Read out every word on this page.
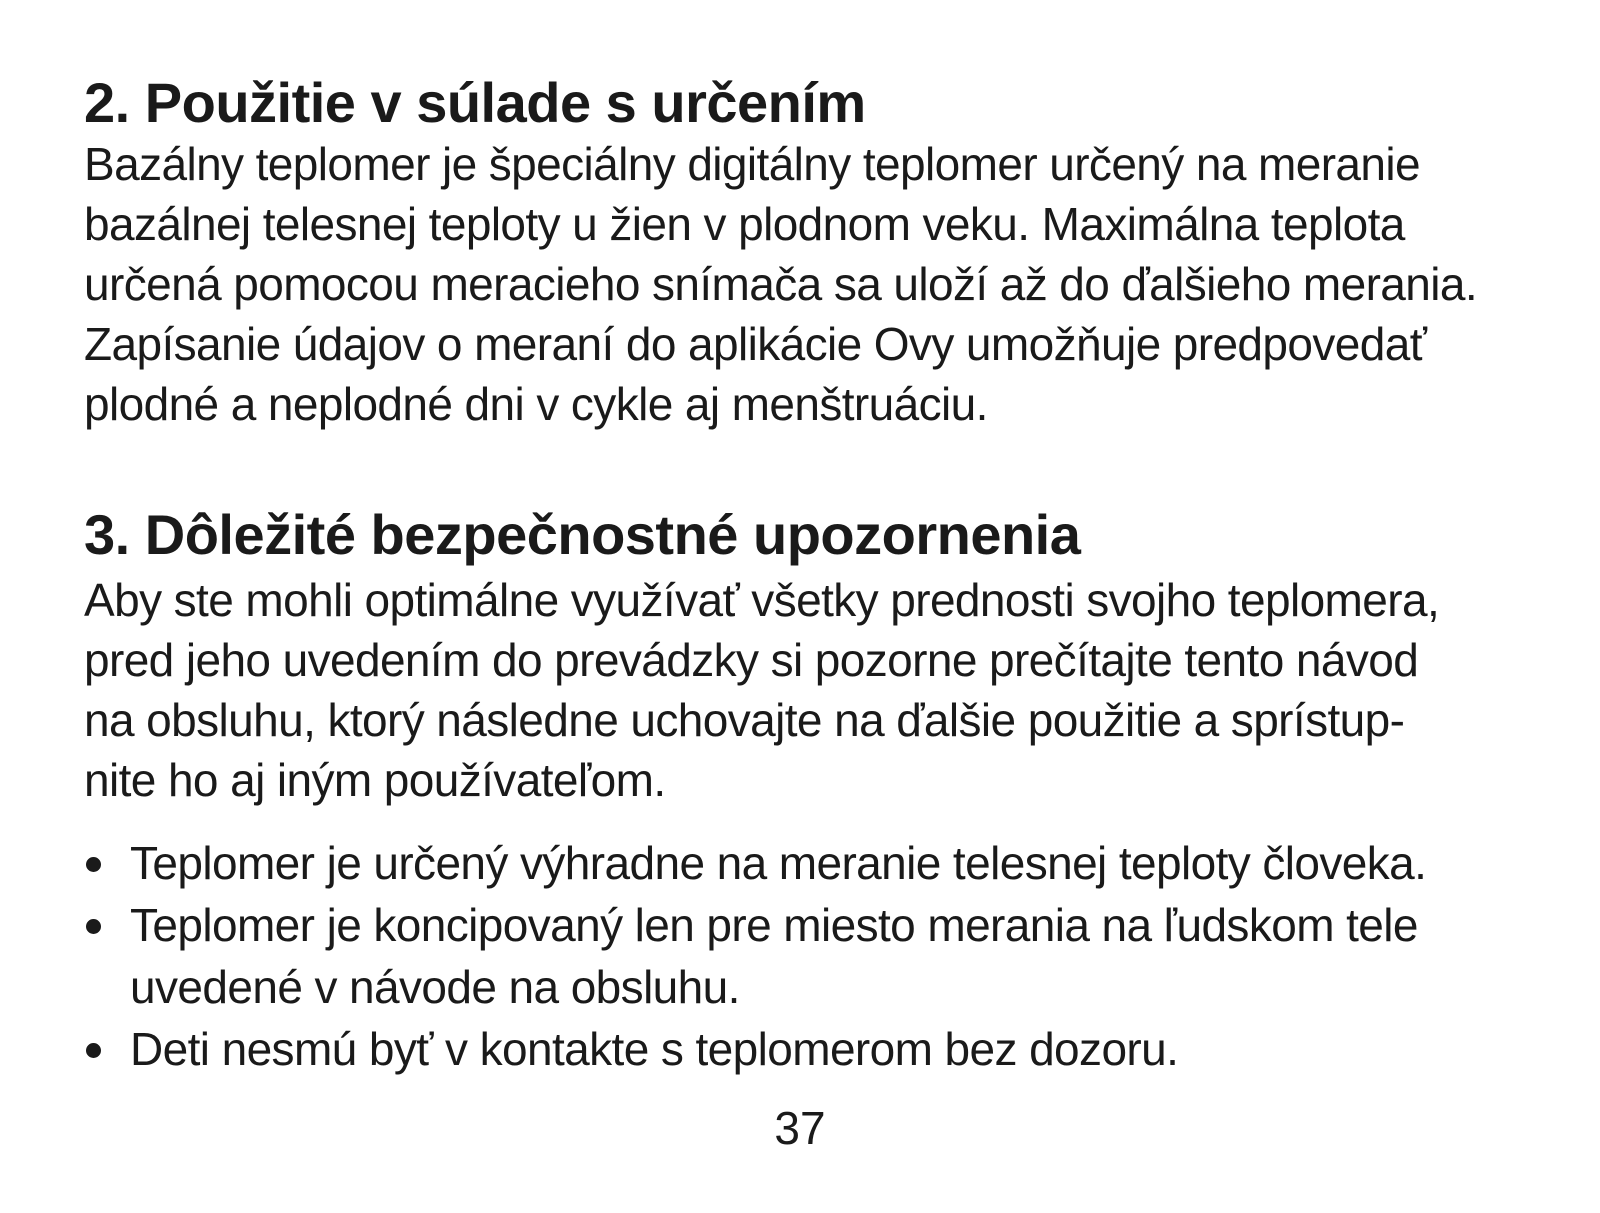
2. Použitie v súlade s určením
Bazálny teplomer je špeciálny digitálny teplomer určený na meranie
bazálnej telesnej teploty u žien v plodnom veku. Maximálna teplota
určená pomocou meracieho snímača sa uloží až do ďalšieho merania.
Zapísanie údajov o meraní do aplikácie Ovy umožňuje predpovedať
plodné a neplodné dni v cykle aj menštruáciu.
3. Dôležité bezpečnostné upozornenia
Aby ste mohli optimálne využívať všetky prednosti svojho teplomera,
pred jeho uvedením do prevádzky si pozorne prečítajte tento návod
na obsluhu, ktorý následne uchovajte na ďalšie použitie a sprístup-
nite ho aj iným používateľom.
Teplomer je určený výhradne na meranie telesnej teploty človeka.
Teplomer je koncipovaný len pre miesto merania na ľudskom tele
uvedené v návode na obsluhu.
Deti nesmú byť v kontakte s teplomerom bez dozoru.
37
